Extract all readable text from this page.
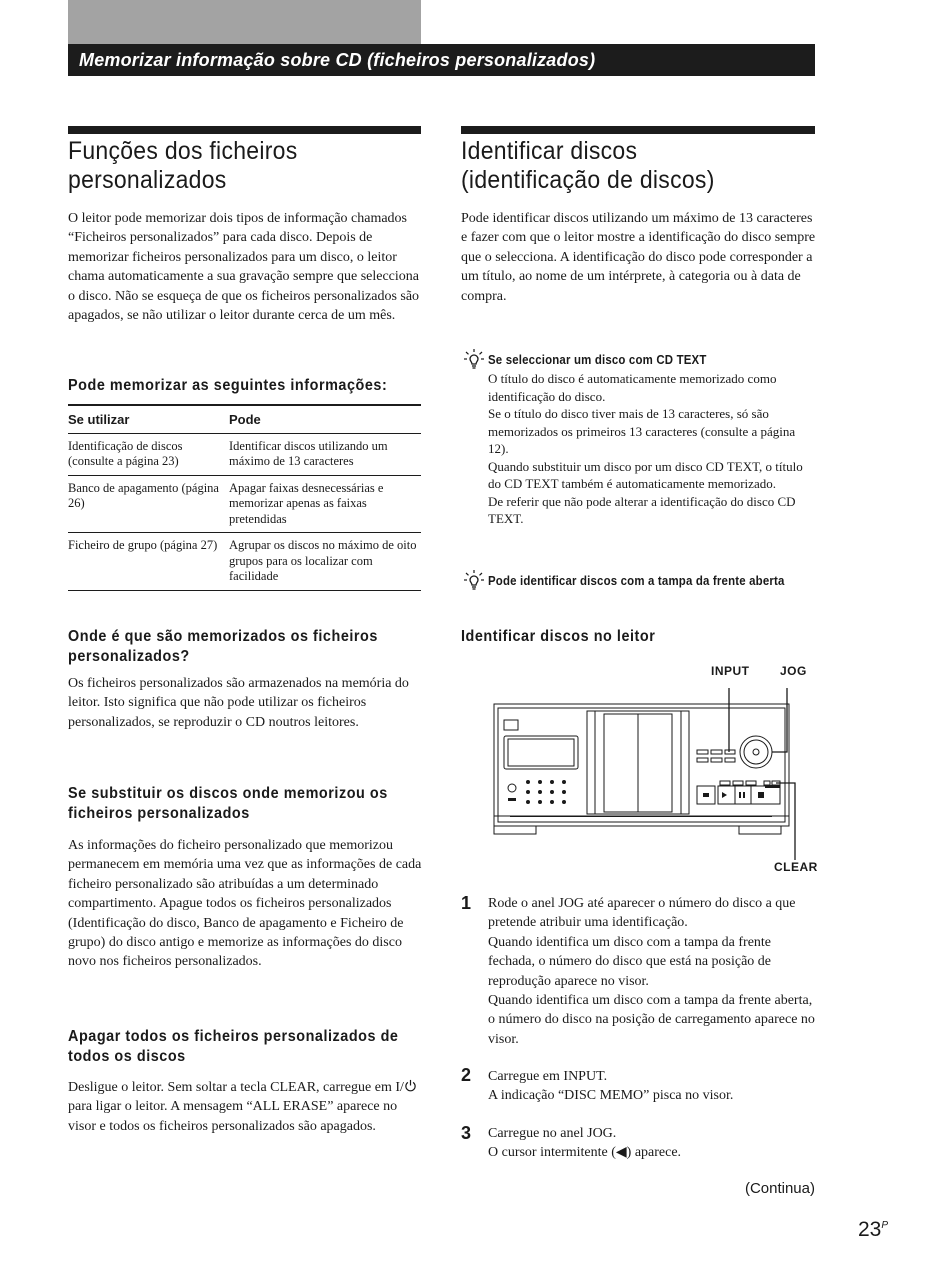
Memorizar informação sobre CD (ficheiros personalizados)
Funções dos ficheiros
personalizados

O leitor pode memorizar dois tipos de informação chamados “Ficheiros personalizados” para cada disco. Depois de memorizar ficheiros personalizados para um disco, o leitor chama automaticamente a sua gravação sempre que selecciona o disco. Não se esqueça de que os ficheiros personalizados são apagados, se não utilizar o leitor durante cerca de um mês.

Pode memorizar as seguintes informações:
Se utilizar	Pode
Identificação de discos (consulte a página 23)	Identificar discos utilizando um máximo de 13 caracteres
Banco de apagamento (página 26)	Apagar faixas desnecessárias e memorizar apenas as faixas pretendidas
Ficheiro de grupo (página 27)	Agrupar os discos no máximo de oito grupos para os localizar com facilidade
Onde é que são memorizados os ficheiros personalizados?

Os ficheiros personalizados são armazenados na memória do leitor. Isto significa que não pode utilizar os ficheiros personalizados, se reproduzir o CD noutros leitores.

Se substituir os discos onde memorizou os ficheiros personalizados

As informações do ficheiro personalizado que memorizou permanecem em memória uma vez que as informações de cada ficheiro personalizado são atribuídas a um determinado compartimento. Apague todos os ficheiros personalizados (Identificação do disco, Banco de apagamento e Ficheiro de grupo) do disco antigo e memorize as informações do disco novo nos ficheiros personalizados.

Apagar todos os ficheiros personalizados de todos os discos

Desligue o leitor. Sem soltar a tecla CLEAR, carregue em I/ para ligar o leitor. A mensagem “ALL ERASE” aparece no visor e todos os ficheiros personalizados são apagados.

Identificar discos
(identificação de discos)

Pode identificar discos utilizando um máximo de 13 caracteres e fazer com que o leitor mostre a identificação do disco sempre que o selecciona. A identificação do disco pode corresponder a um título, ao nome de um intérprete, à categoria ou à data de compra.

Se seleccionar um disco com CD TEXT
O título do disco é automaticamente memorizado como identificação do disco.
Se o título do disco tiver mais de 13 caracteres, só são memorizados os primeiros 13 caracteres (consulte a página 12).
Quando substituir um disco por um disco CD TEXT, o título do CD TEXT também é automaticamente memorizado.
De referir que não pode alterar a identificação do disco CD TEXT.
Pode identificar discos com a tampa da frente aberta
Identificar discos no leitor
INPUT	JOG
CLEAR
1 Rode o anel JOG até aparecer o número do disco a que pretende atribuir uma identificação.
Quando identifica um disco com a tampa da frente fechada, o número do disco que está na posição de reprodução aparece no visor.
Quando identifica um disco com a tampa da frente aberta, o número do disco na posição de carregamento aparece no visor.
2 Carregue em INPUT.
A indicação “DISC MEMO” pisca no visor.
3 Carregue no anel JOG.
O cursor intermitente (◀) aparece.
(Continua)
$23^P$
